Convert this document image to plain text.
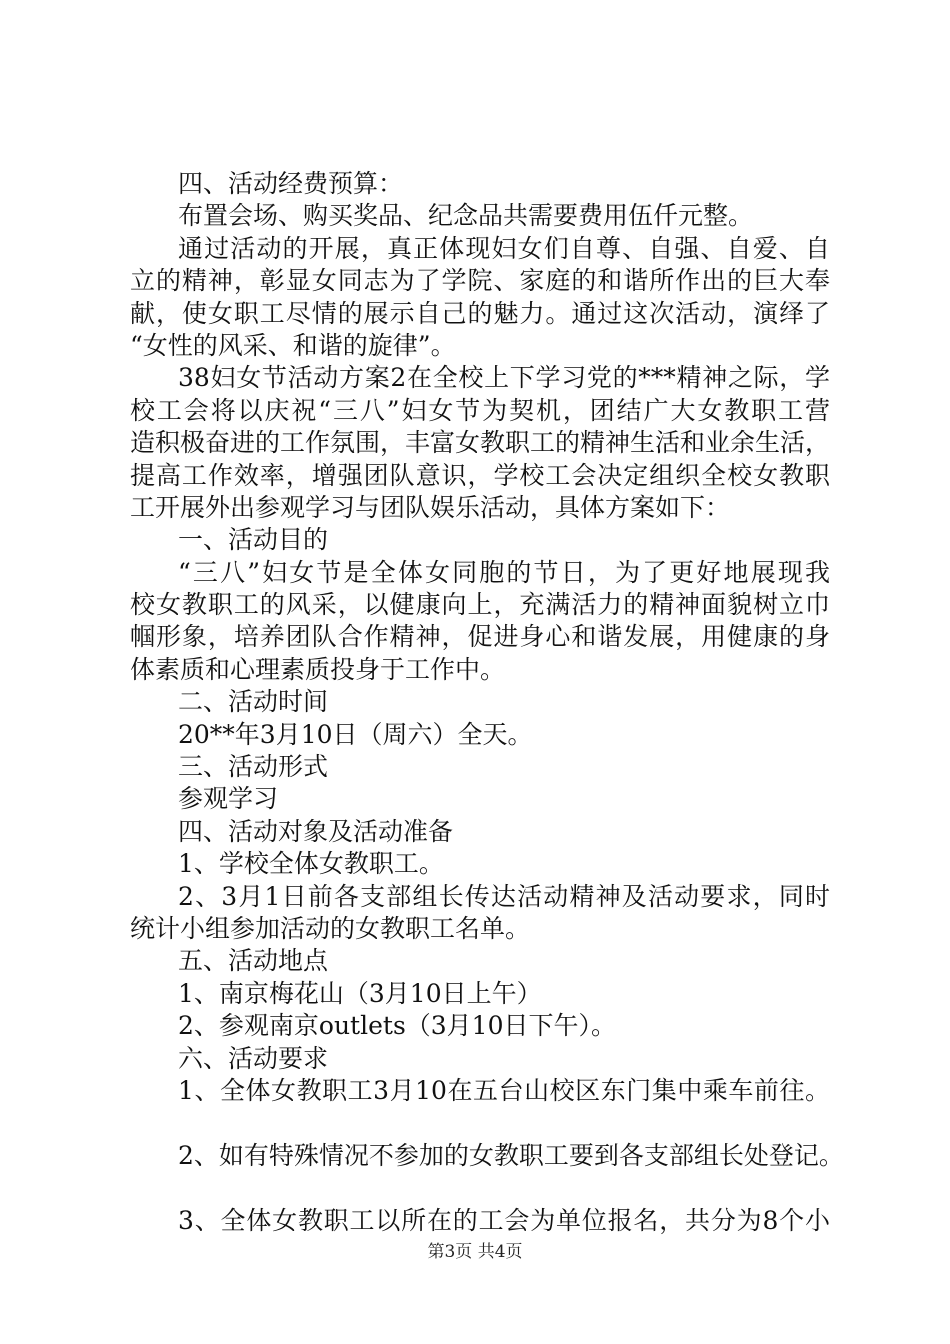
四、活动经费预算：
布置会场、购买奖品、纪念品共需要费用伍仟元整。
通过活动的开展，真正体现妇女们自尊、自强、自爱、自
立的精神，彰显女同志为了学院、家庭的和谐所作出的巨大奉
献，使女职工尽情的展示自己的魅力。通过这次活动，演绎了
“女性的风采、和谐的旋律”。
38妇女节活动方案2在全校上下学习党的***精神之际，学
校工会将以庆祝“三八”妇女节为契机，团结广大女教职工营
造积极奋进的工作氛围，丰富女教职工的精神生活和业余生活，
提高工作效率，增强团队意识，学校工会决定组织全校女教职
工开展外出参观学习与团队娱乐活动，具体方案如下：
一、活动目的
“三八”妇女节是全体女同胞的节日，为了更好地展现我
校女教职工的风采，以健康向上，充满活力的精神面貌树立巾
帼形象，培养团队合作精神，促进身心和谐发展，用健康的身
体素质和心理素质投身于工作中。
二、活动时间
20**年3月10日（周六）全天。
三、活动形式
参观学习
四、活动对象及活动准备
1、学校全体女教职工。
2、3月1日前各支部组长传达活动精神及活动要求，同时
统计小组参加活动的女教职工名单。
五、活动地点
1、南京梅花山（3月10日上午）
2、参观南京outlets（3月10日下午）。
六、活动要求
1、全体女教职工3月10在五台山校区东门集中乘车前往。
2、如有特殊情况不参加的女教职工要到各支部组长处登记。
3、全体女教职工以所在的工会为单位报名，共分为8个小
第3页 共4页
